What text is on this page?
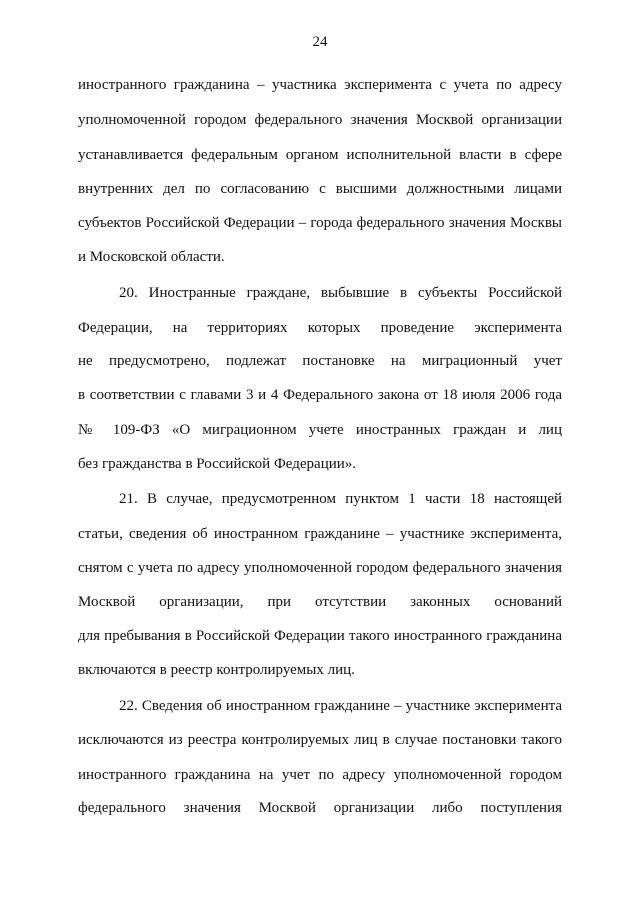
24
иностранного гражданина – участника эксперимента с учета по адресу
уполномоченной городом федерального значения Москвой организации
устанавливается федеральным органом исполнительной власти в сфере
внутренних дел по согласованию с высшими должностными лицами
субъектов Российской Федерации – города федерального значения Москвы
и Московской области.
20. Иностранные граждане, выбывшие в субъекты Российской
Федерации, на территориях которых проведение эксперимента
не предусмотрено, подлежат постановке на миграционный учет
в соответствии с главами 3 и 4 Федерального закона от 18 июля 2006 года
№ 109-ФЗ «О миграционном учете иностранных граждан и лиц
без гражданства в Российской Федерации».
21. В случае, предусмотренном пунктом 1 части 18 настоящей
статьи, сведения об иностранном гражданине – участнике эксперимента,
снятом с учета по адресу уполномоченной городом федерального значения
Москвой организации, при отсутствии законных оснований
для пребывания в Российской Федерации такого иностранного гражданина
включаются в реестр контролируемых лиц.
22. Сведения об иностранном гражданине – участнике эксперимента
исключаются из реестра контролируемых лиц в случае постановки такого
иностранного гражданина на учет по адресу уполномоченной городом
федерального значения Москвой организации либо поступления
